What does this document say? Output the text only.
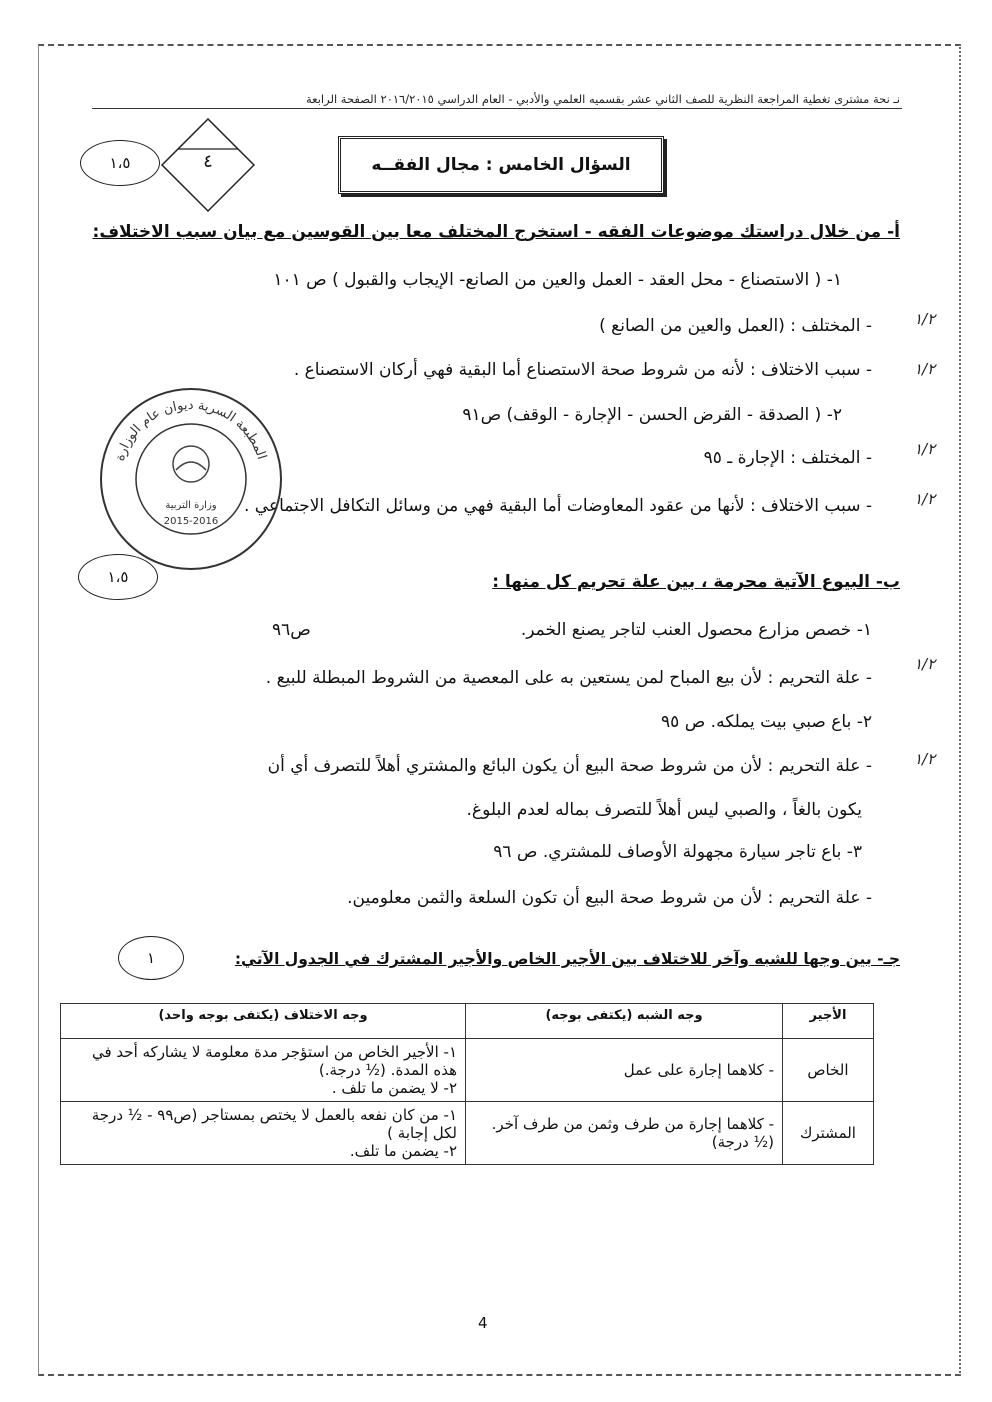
نـ نحة مشترى تغطية المراجعة النظرية للصف الثاني عشر بقسميه العلمي والأدبي - العام الدراسي ٢٠١٦/٢٠١٥ الصفحة الرابعة
١،٥	٤	السؤال الخامس : مجال الفقــه
أ- من خلال دراستك موضوعات الفقه - استخرج المختلف معا بين القوسين مع بيان سبب الاختلاف:
١- ( الاستصناع - محل العقد - العمل والعين من الصانع- الإيجاب والقبول ) ص ١٠١
- المختلف : (العمل والعين من الصانع )
- سبب الاختلاف : لأنه من شروط صحة الاستصناع أما البقية فهي أركان الاستصناع .
٢- ( الصدقة - القرض الحسن - الإجارة - الوقف) ص٩١
- المختلف : الإجارة ـ ٩٥
- سبب الاختلاف : لأنها من عقود المعاوضات أما البقية فهي من وسائل التكافل الاجتماعي .
المطبعة السرية ديوان عام الوزارة
وزارة التربية
2015-2016
١،٥	ب- البيوع الآتية محرمة ، بين علة تحريم كل منها :
١- خصص مزارع محصول العنب لتاجر يصنع الخمر.
ص٩٦
- علة التحريم : لأن بيع المباح لمن يستعين به على المعصية من الشروط المبطلة للبيع .
٢- باع صبي بيت يملكه. ص ٩٥
- علة التحريم : لأن من شروط صحة البيع أن يكون البائع والمشتري أهلاً للتصرف أي أن
يكون بالغاً ، والصبي ليس أهلاً للتصرف بماله لعدم البلوغ.
٣- باع تاجر سيارة مجهولة الأوصاف للمشتري. ص ٩٦
- علة التحريم : لأن من شروط صحة البيع أن تكون السلعة والثمن معلومين.
١/٢
١/٢
١/٢
١/٢
١/٢
١/٢
١	جـ- بين وجها للشبه وآخر للاختلاف بين الأجير الخاص والأجير المشترك في الجدول الآتي:
الأجير	وجه الشبه (يكتفى بوجه)	وجه الاختلاف (يكتفى بوجه واحد)
الخاص	- كلاهما إجارة على عمل	١- الأجير الخاص من استؤجر مدة معلومة لا يشاركه أحد في هذه المدة. (½ درجة.)
٢- لا يضمن ما تلف .

المشترك	- كلاهما إجارة من طرف وثمن من طرف آخر. (½ درجة)	١- من كان نفعه بالعمل لا يختص بمستاجر (ص٩٩ - ½ درجة لكل إجابة )
٢- يضمن ما تلف.
4
